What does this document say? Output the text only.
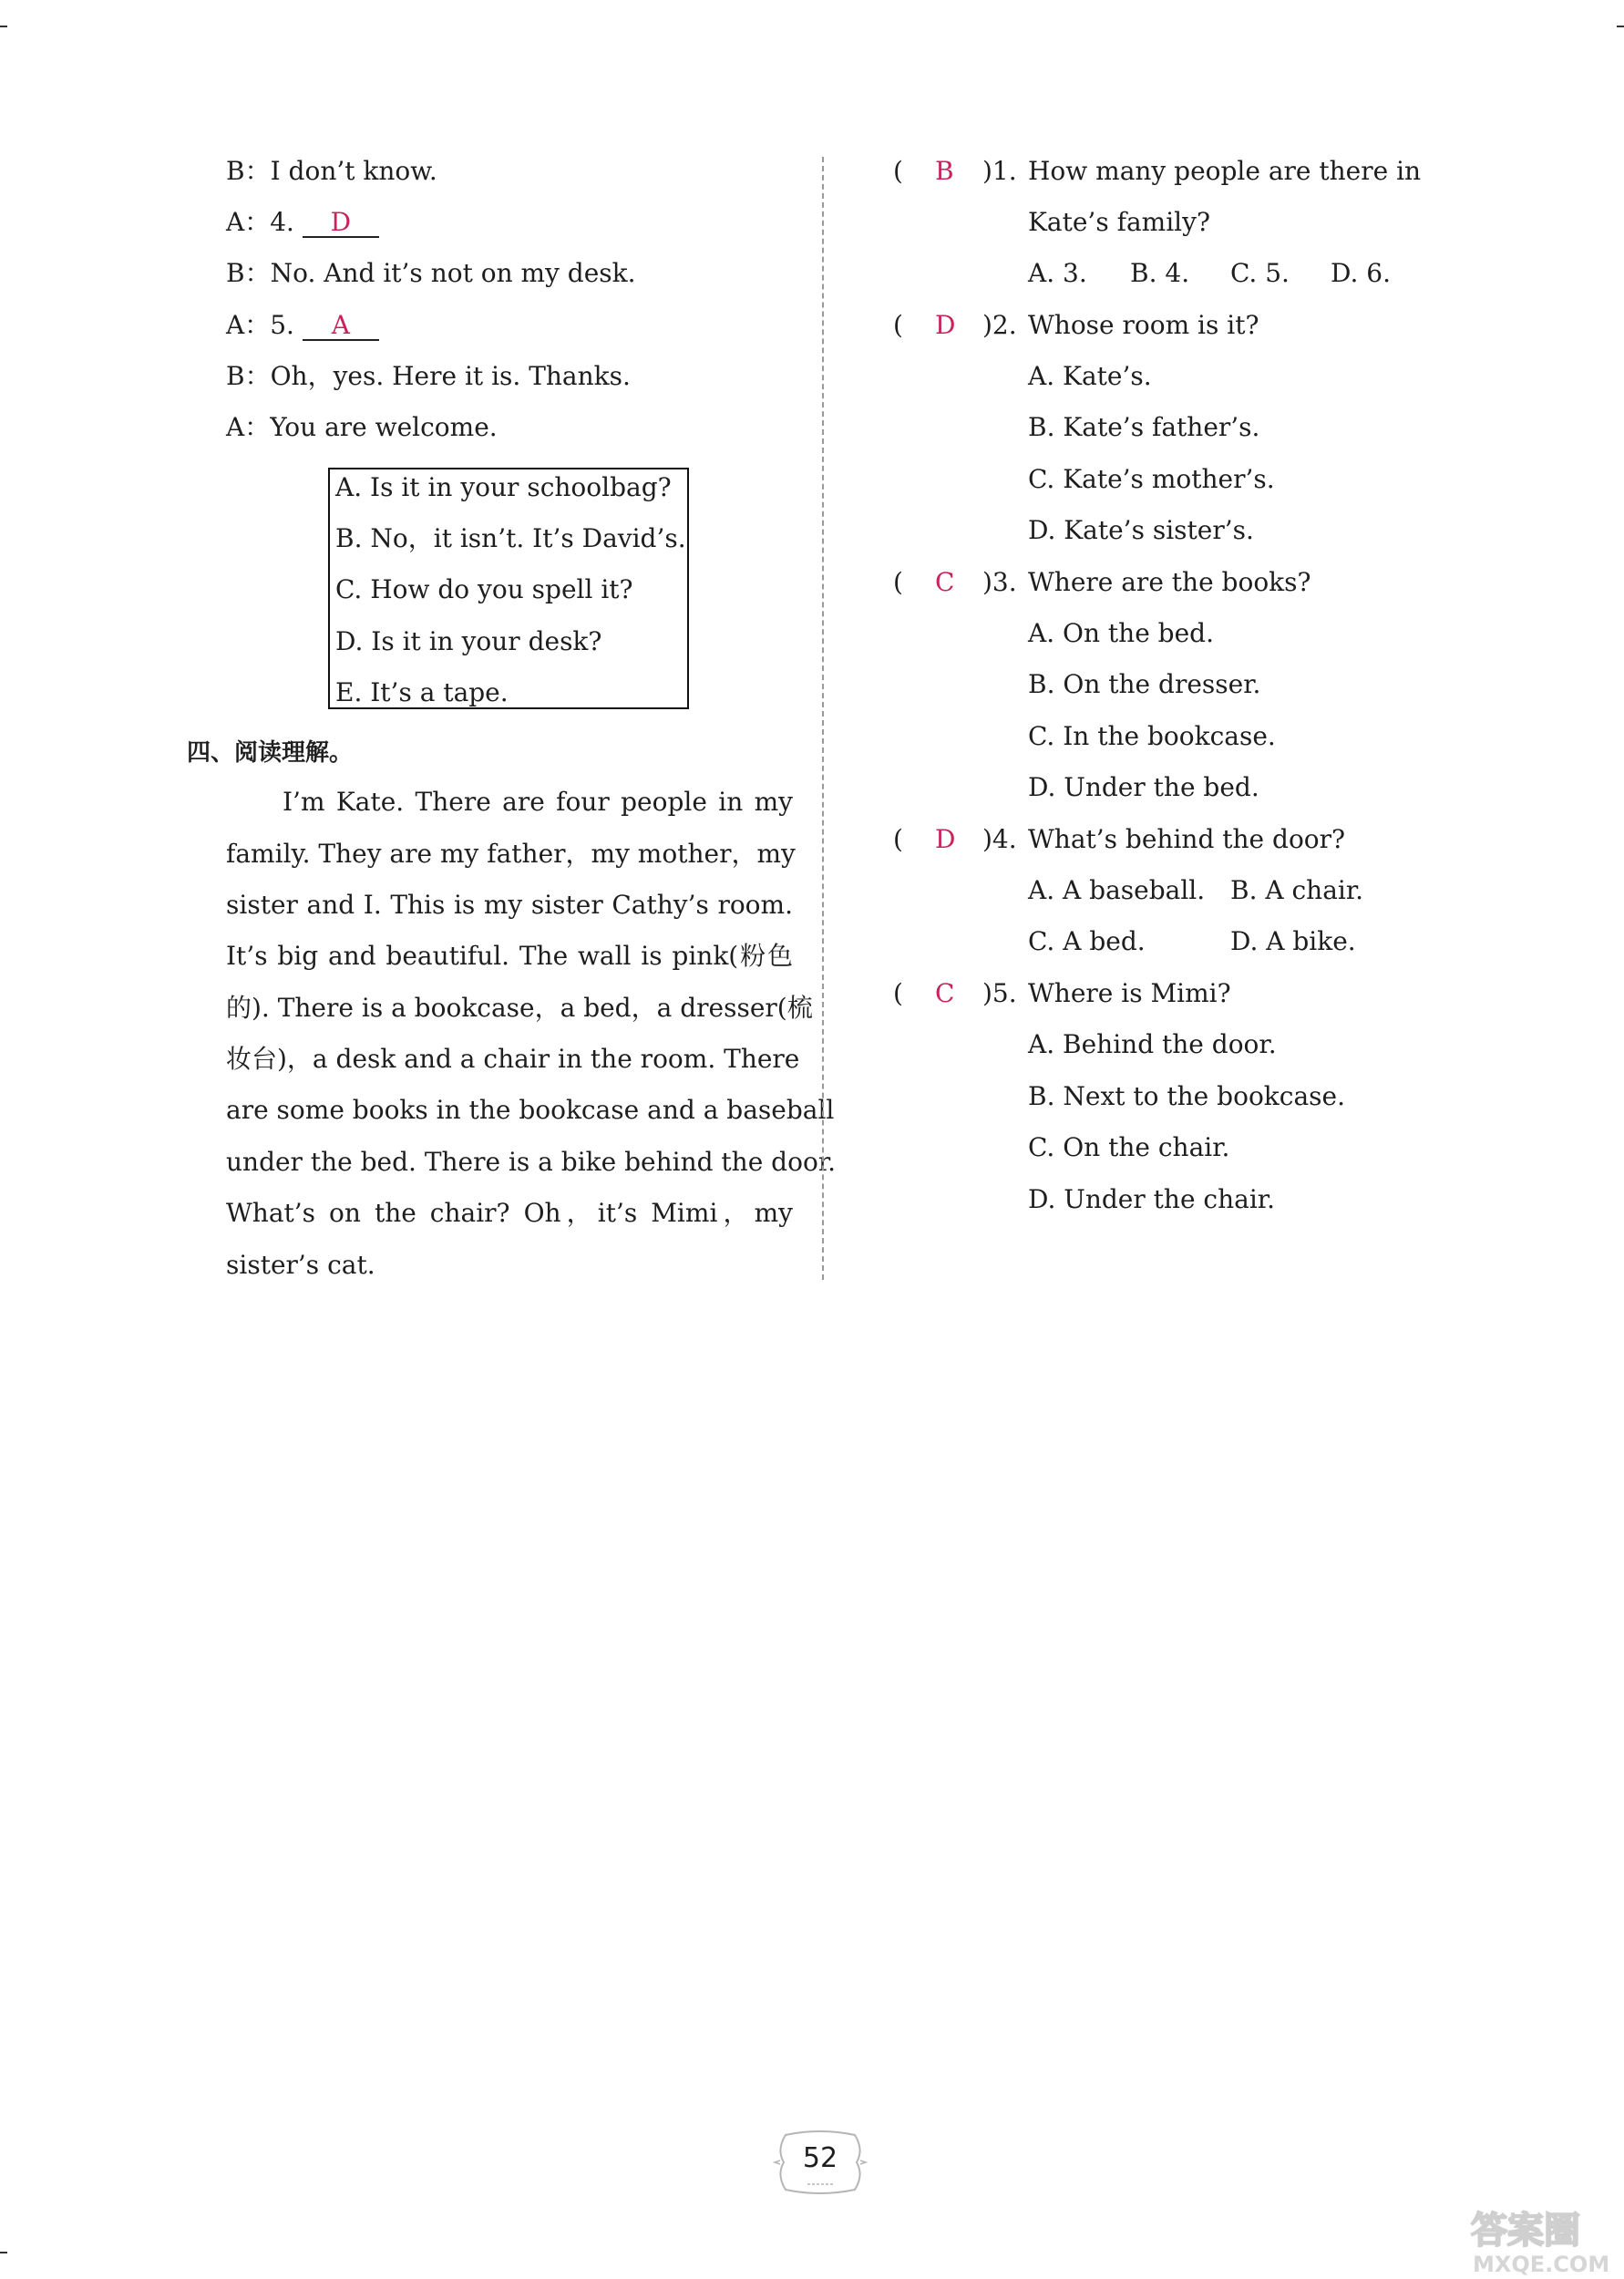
B：I don’t know.
A：4. D
B：No. And it’s not on my desk.
A：5. A
B：Oh，yes. Here it is. Thanks.
A：You are welcome.
A. Is it in your schoolbag?
B. No，it isn’t. It’s David’s.
C. How do you spell it?
D. Is it in your desk?
E. It’s a tape.
四、阅读理解。
I’m Kate. There are four people in my
family. They are my father，my mother，my
sister and I. This is my sister Cathy’s room.
It’s big and beautiful. The wall is pink(粉色
的). There is a bookcase，a bed，a dresser(梳
妆台)，a desk and a chair in the room. There
are some books in the bookcase and a baseball
under the bed. There is a bike behind the door.
What’s on the chair? Oh，it’s Mimi，my
sister’s cat.
( B )1. How many people are there in
Kate’s family?
A. 3. B. 4. C. 5. D. 6.
( D )2. Whose room is it?
A. Kate’s.
B. Kate’s father’s.
C. Kate’s mother’s.
D. Kate’s sister’s.
( C )3. Where are the books?
A. On the bed.
B. On the dresser.
C. In the bookcase.
D. Under the bed.
( D )4. What’s behind the door?
A. A baseball. B. A chair.
C. A bed.	D. A bike.
( C )5. Where is Mimi?
A. Behind the door.
B. Next to the bookcase.
C. On the chair.
D. Under the chair.
52
答案圈
MXQE.COM
